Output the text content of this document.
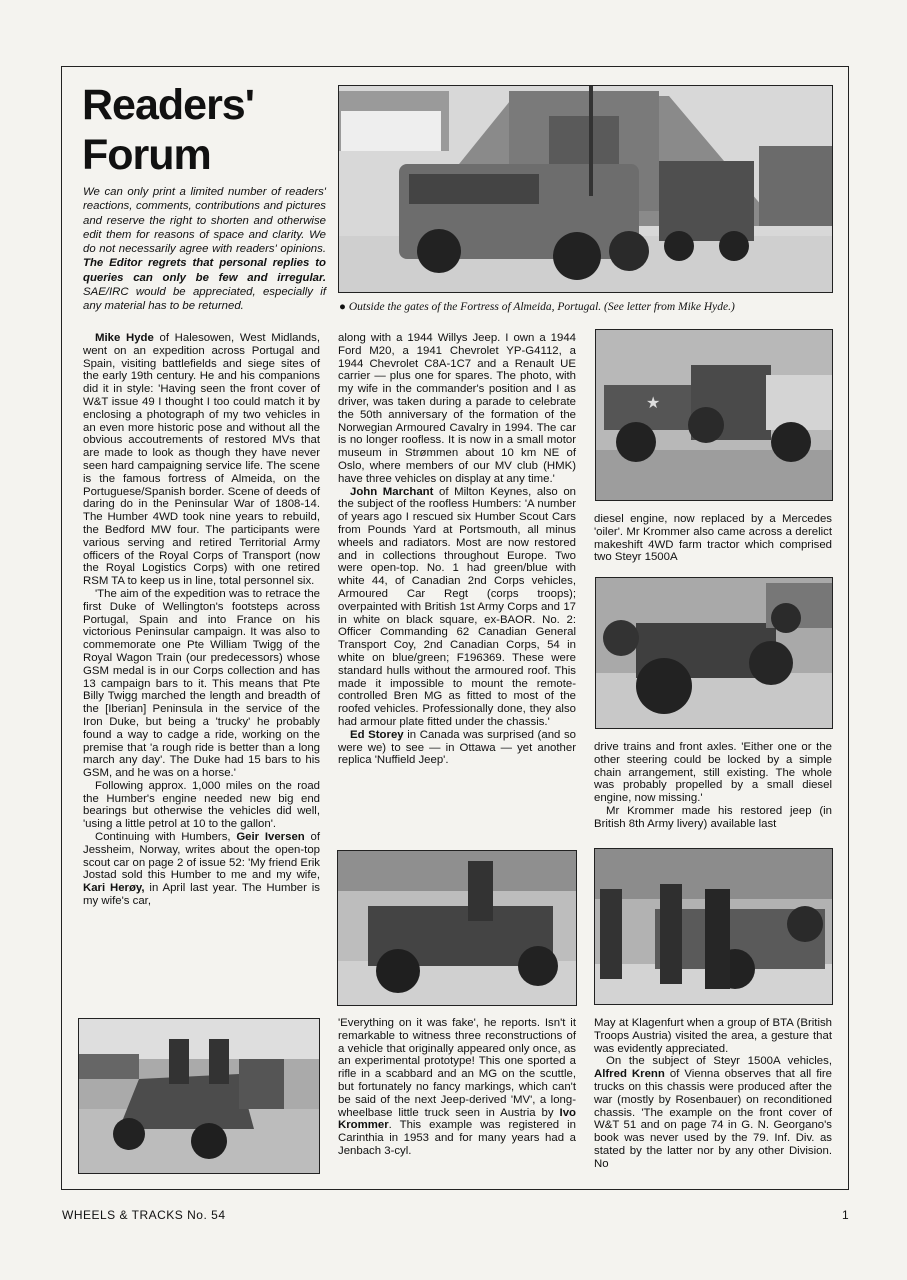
Readers'
Forum

We can only print a limited number of readers' reactions, comments, contributions and pictures and reserve the right to shorten and otherwise edit them for reasons of space and clarity. We do not necessarily agree with readers' opinions. The Editor regrets that personal replies to queries can only be few and irregular. SAE/IRC would be appreciated, especially if any material has to be returned.	● Outside the gates of the Fortress of Almeida, Portugal. (See letter from Mike Hyde.)
★

Mike Hyde of Halesowen, West Midlands, went on an expedition across Portugal and Spain, visiting battlefields and siege sites of the early 19th century. He and his companions did it in style: 'Having seen the front cover of W&T issue 49 I thought I too could match it by enclosing a photograph of my two vehicles in an even more historic pose and without all the obvious accoutrements of restored MVs that are made to look as though they have never seen hard campaigning service life. The scene is the famous fortress of Almeida, on the Portuguese/Spanish border. Scene of deeds of daring do in the Peninsular War of 1808-14. The Humber 4WD took nine years to rebuild, the Bedford MW four. The participants were various serving and retired Territorial Army officers of the Royal Corps of Transport (now the Royal Logistics Corps) with one retired RSM TA to keep us in line, total personnel six.

'The aim of the expedition was to retrace the first Duke of Wellington's footsteps across Portugal, Spain and into France on his victorious Peninsular campaign. It was also to commemorate one Pte William Twigg of the Royal Wagon Train (our predecessors) whose GSM medal is in our Corps collection and has 13 campaign bars to it. This means that Pte Billy Twigg marched the length and breadth of the [Iberian] Peninsula in the service of the Iron Duke, but being a 'trucky' he probably found a way to cadge a ride, working on the premise that 'a rough ride is better than a long march any day'. The Duke had 15 bars to his GSM, and he was on a horse.'

Following approx. 1,000 miles on the road the Humber's engine needed new big end bearings but otherwise the vehicles did well, 'using a little petrol at 10 to the gallon'.

Continuing with Humbers, Geir Iversen of Jessheim, Norway, writes about the open-top scout car on page 2 of issue 52: 'My friend Erik Jostad sold this Humber to me and my wife, Kari Herøy, in April last year. The Humber is my wife's car,

along with a 1944 Willys Jeep. I own a 1944 Ford M20, a 1941 Chevrolet YP-G4112, a 1944 Chevrolet C8A-1C7 and a Renault UE carrier — plus one for spares. The photo, with my wife in the commander's position and I as driver, was taken during a parade to celebrate the 50th anniversary of the formation of the Norwegian Armoured Cavalry in 1994. The car is no longer roofless. It is now in a small motor museum in Strømmen about 10 km NE of Oslo, where members of our MV club (HMK) have three vehicles on display at any time.'

John Marchant of Milton Keynes, also on the subject of the roofless Humbers: 'A number of years ago I rescued six Humber Scout Cars from Pounds Yard at Portsmouth, all minus wheels and radiators. Most are now restored and in collections throughout Europe. Two were open-top. No. 1 had green/blue with white 44, of Canadian 2nd Corps vehicles, Armoured Car Regt (corps troops); overpainted with British 1st Army Corps and 17 in white on black square, ex-BAOR. No. 2: Officer Commanding 62 Canadian General Transport Coy, 2nd Canadian Corps, 54 in white on blue/green; F196369. These were standard hulls without the armoured roof. This made it impossible to mount the remote-controlled Bren MG as fitted to most of the roofed vehicles. Professionally done, they also had armour plate fitted under the chassis.'

Ed Storey in Canada was surprised (and so were we) to see — in Ottawa — yet another replica 'Nuffield Jeep'.

'Everything on it was fake', he reports. Isn't it remarkable to witness three reconstructions of a vehicle that originally appeared only once, as an experimental prototype! This one sported a rifle in a scabbard and an MG on the scuttle, but fortunately no fancy markings, which can't be said of the next Jeep-derived 'MV', a long-wheelbase little truck seen in Austria by Ivo Krommer. This example was registered in Carinthia in 1953 and for many years had a Jenbach 3-cyl.

diesel engine, now replaced by a Mercedes 'oiler'. Mr Krommer also came across a derelict makeshift 4WD farm tractor which comprised two Steyr 1500A

drive trains and front axles. 'Either one or the other steering could be locked by a simple chain arrangement, still existing. The whole was probably propelled by a small diesel engine, now missing.'

Mr Krommer made his restored jeep (in British 8th Army livery) available last

May at Klagenfurt when a group of BTA (British Troops Austria) visited the area, a gesture that was evidently appreciated.

On the subject of Steyr 1500A vehicles, Alfred Krenn of Vienna observes that all fire trucks on this chassis were produced after the war (mostly by Rosenbauer) on reconditioned chassis. 'The example on the front cover of W&T 51 and on page 74 in G. N. Georgano's book was never used by the 79. Inf. Div. as stated by the latter nor by any other Division. No

WHEELS & TRACKS No. 54	1
